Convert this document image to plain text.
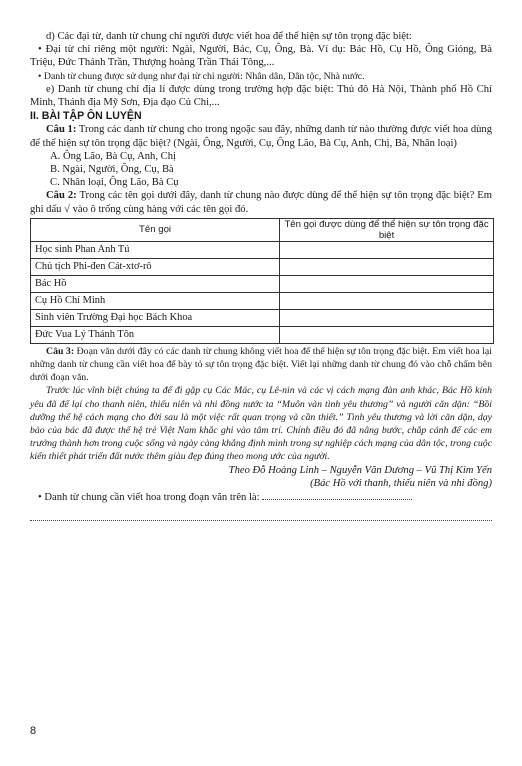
d) Các đại từ, danh từ chung chỉ người được viết hoa để thể hiện sự tôn trọng đặc biệt:

• Đại từ chỉ riêng một người: Ngài, Người, Bác, Cụ, Ông, Bà. Ví dụ: Bác Hồ, Cụ Hồ, Ông Gióng, Bà Triệu, Đức Thánh Trần, Thượng hoàng Trần Thái Tông,...

• Danh từ chung được sử dụng như đại từ chỉ người: Nhân dân, Dân tộc, Nhà nước.

e) Danh từ chung chỉ địa lí được dùng trong trường hợp đặc biệt: Thủ đô Hà Nội, Thành phố Hồ Chí Minh, Thánh địa Mỹ Sơn, Địa đạo Củ Chi,...

II. BÀI TẬP ÔN LUYỆN

Câu 1: Trong các danh từ chung cho trong ngoặc sau đây, những danh từ nào thường được viết hoa dùng để thể hiện sự tôn trọng đặc biệt? (Ngài, Ông, Người, Cụ, Ông Lão, Bà Cụ, Anh, Chị, Bà, Nhân loại)

A. Ông Lão, Bà Cụ, Anh, Chị

B. Ngài, Người, Ông, Cụ, Bà

C. Nhân loại, Ông Lão, Bà Cụ

Câu 2: Trong các tên gọi dưới đây, danh từ chung nào được dùng để thể hiện sự tôn trọng đặc biệt? Em ghi dấu √ vào ô trống cùng hàng với các tên gọi đó.

Tên gọi	Tên gọi được dùng để thể hiện sự tôn trọng đặc biệt
Học sinh Phan Anh Tú	
Chủ tịch Phi-đen Cát-xtơ-rô	
Bác Hồ	
Cụ Hồ Chí Minh	
Sinh viên Trường Đại học Bách Khoa	
Đức Vua Lý Thánh Tôn	

Câu 3: Đoạn văn dưới đây có các danh từ chung không viết hoa để thể hiện sự tôn trọng đặc biệt. Em viết hoa lại những danh từ chung cần viết hoa để bày tỏ sự tôn trọng đặc biệt. Viết lại những danh từ chung đó vào chỗ chấm bên dưới đoạn văn.

Trước lúc vĩnh biệt chúng ta để đi gặp cụ Các Mác, cụ Lê-nin và các vị cách mạng đàn anh khác, Bác Hồ kính yêu đã để lại cho thanh niên, thiếu niên và nhi đồng nước ta “Muôn vàn tình yêu thương” và người căn dặn: “Bồi dưỡng thế hệ cách mạng cho đời sau là một việc rất quan trọng và cần thiết.” Tình yêu thương và lời căn dặn, dạy bảo của bác đã được thế hệ trẻ Việt Nam khắc ghi vào tâm trí. Chính điều đó đã nâng bước, chắp cánh để các em trưởng thành hơn trong cuộc sống và ngày càng khẳng định mình trong sự nghiệp cách mạng của dân tộc, trong cuộc kiến thiết phát triển đất nước thêm giàu đẹp đúng theo mong ước của người.

Theo Đỗ Hoàng Linh – Nguyễn Văn Dương – Vũ Thị Kim Yến

(Bác Hồ với thanh, thiếu niên và nhi đồng)

• Danh từ chung cần viết hoa trong đoạn văn trên là:

8
